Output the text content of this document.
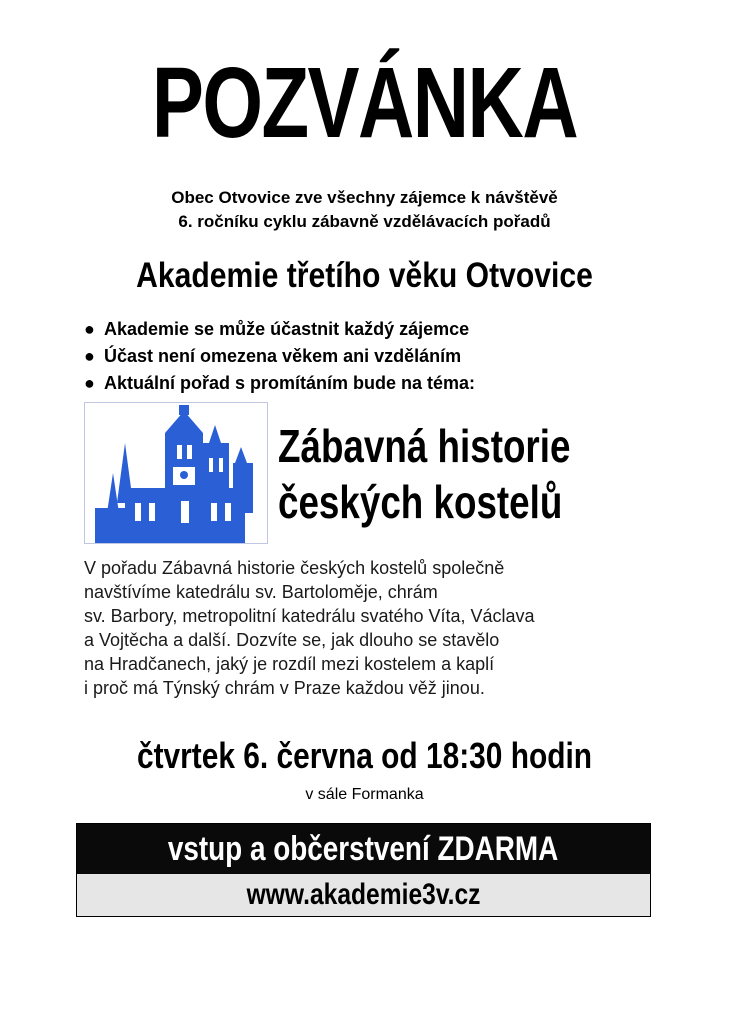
POZVÁNKA
Obec Otvovice zve všechny zájemce k návštěvě
6. ročníku cyklu zábavně vzdělávacích pořadů
Akademie třetího věku Otvovice
● Akademie se může účastnit každý zájemce
● Účast není omezena věkem ani vzděláním
● Aktuální pořad s promítáním bude na téma:
Zábavná historie
českých kostelů
V pořadu Zábavná historie českých kostelů společně
navštívíme katedrálu sv. Bartoloměje, chrám
sv. Barbory, metropolitní katedrálu svatého Víta, Václava
a Vojtěcha a další. Dozvíte se, jak dlouho se stavělo
na Hradčanech, jaký je rozdíl mezi kostelem a kaplí
i proč má Týnský chrám v Praze každou věž jinou.
čtvrtek 6. června od 18:30 hodin
v sále Formanka
vstup a občerstvení ZDARMA
www.akademie3v.cz
